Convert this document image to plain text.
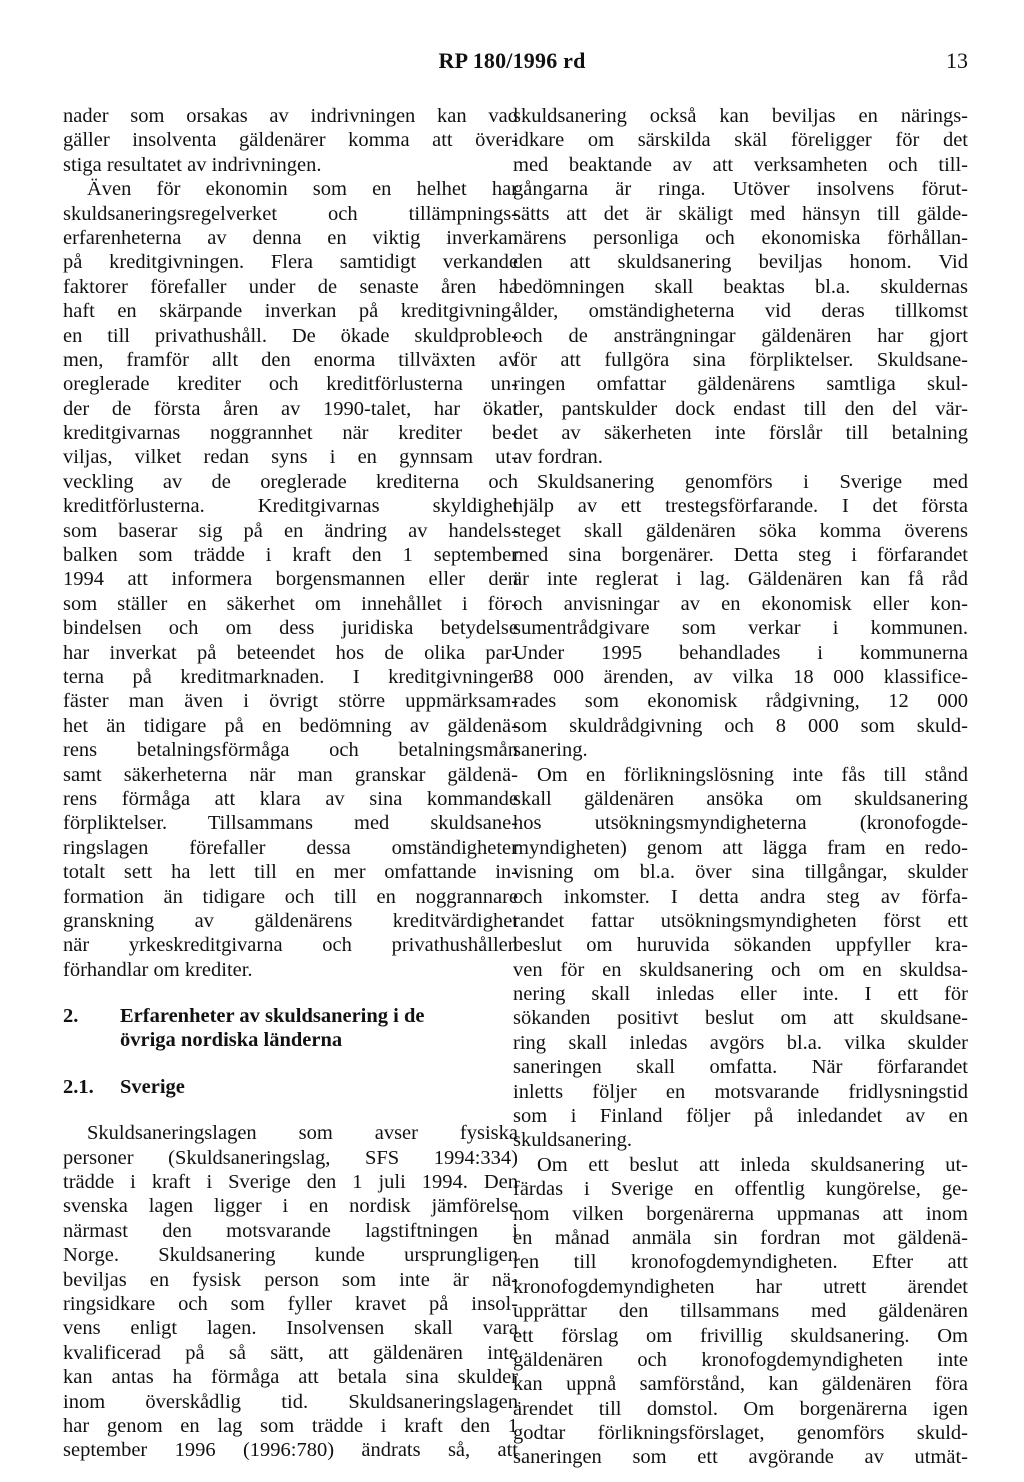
RP 180/1996 rd	13
nader som orsakas av indrivningen kan vad
gäller insolventa gäldenärer komma att över-
stiga resultatet av indrivningen.
Även för ekonomin som en helhet har
skuldsaneringsregelverket och tillämpnings-
erfarenheterna av denna en viktig inverkan
på kreditgivningen. Flera samtidigt verkande
faktorer förefaller under de senaste åren ha
haft en skärpande inverkan på kreditgivning-
en till privathushåll. De ökade skuldproble-
men, framför allt den enorma tillväxten av
oreglerade krediter och kreditförlusterna un-
der de första åren av 1990-talet, har ökat
kreditgivarnas noggrannhet när krediter be-
viljas, vilket redan syns i en gynnsam ut-
veckling av de oreglerade krediterna och
kreditförlusterna. Kreditgivarnas skyldighet
som baserar sig på en ändring av handels-
balken som trädde i kraft den 1 september
1994 att informera borgensmannen eller den
som ställer en säkerhet om innehållet i för-
bindelsen och om dess juridiska betydelse
har inverkat på beteendet hos de olika par-
terna på kreditmarknaden. I kreditgivningen
fäster man även i övrigt större uppmärksam-
het än tidigare på en bedömning av gäldenä-
rens betalningsförmåga och betalningsmån
samt säkerheterna när man granskar gäldenä-
rens förmåga att klara av sina kommande
förpliktelser. Tillsammans med skuldsane-
ringslagen förefaller dessa omständigheter
totalt sett ha lett till en mer omfattande in-
formation än tidigare och till en noggrannare
granskning av gäldenärens kreditvärdighet
när yrkeskreditgivarna och privathushållen
förhandlar om krediter.
2. Erfarenheter av skuldsanering i de
övriga nordiska länderna
2.1. Sverige
Skuldsaneringslagen som avser fysiska
personer (Skuldsaneringslag, SFS 1994:334)
trädde i kraft i Sverige den 1 juli 1994. Den
svenska lagen ligger i en nordisk jämförelse
närmast den motsvarande lagstiftningen i
Norge. Skuldsanering kunde ursprungligen
beviljas en fysisk person som inte är nä-
ringsidkare och som fyller kravet på insol-
vens enligt lagen. Insolvensen skall vara
kvalificerad på så sätt, att gäldenären inte
kan antas ha förmåga att betala sina skulder
inom överskådlig tid. Skuldsaneringslagen
har genom en lag som trädde i kraft den 1
september 1996 (1996:780) ändrats så, att
skuldsanering också kan beviljas en närings-
idkare om särskilda skäl föreligger för det
med beaktande av att verksamheten och till-
gångarna är ringa. Utöver insolvens förut-
sätts att det är skäligt med hänsyn till gälde-
närens personliga och ekonomiska förhållan-
den att skuldsanering beviljas honom. Vid
bedömningen skall beaktas bl.a. skuldernas
ålder, omständigheterna vid deras tillkomst
och de ansträngningar gäldenären har gjort
för att fullgöra sina förpliktelser. Skuldsane-
ringen omfattar gäldenärens samtliga skul-
der, pantskulder dock endast till den del vär-
det av säkerheten inte förslår till betalning
av fordran.
Skuldsanering genomförs i Sverige med
hjälp av ett trestegsförfarande. I det första
steget skall gäldenären söka komma överens
med sina borgenärer. Detta steg i förfarandet
är inte reglerat i lag. Gäldenären kan få råd
och anvisningar av en ekonomisk eller kon-
sumentrådgivare som verkar i kommunen.
Under 1995 behandlades i kommunerna
38 000 ärenden, av vilka 18 000 klassifice-
rades som ekonomisk rådgivning, 12 000
som skuldrådgivning och 8 000 som skuld-
sanering.
Om en förlikningslösning inte fås till stånd
skall gäldenären ansöka om skuldsanering
hos utsökningsmyndigheterna (kronofogde-
myndigheten) genom att lägga fram en redo-
visning om bl.a. över sina tillgångar, skulder
och inkomster. I detta andra steg av förfa-
randet fattar utsökningsmyndigheten först ett
beslut om huruvida sökanden uppfyller kra-
ven för en skuldsanering och om en skuldsa-
nering skall inledas eller inte. I ett för
sökanden positivt beslut om att skuldsane-
ring skall inledas avgörs bl.a. vilka skulder
saneringen skall omfatta. När förfarandet
inletts följer en motsvarande fridlysningstid
som i Finland följer på inledandet av en
skuldsanering.
Om ett beslut att inleda skuldsanering ut-
färdas i Sverige en offentlig kungörelse, ge-
nom vilken borgenärerna uppmanas att inom
en månad anmäla sin fordran mot gäldenä-
ren till kronofogdemyndigheten. Efter att
kronofogdemyndigheten har utrett ärendet
upprättar den tillsammans med gäldenären
ett förslag om frivillig skuldsanering. Om
gäldenären och kronofogdemyndigheten inte
kan uppnå samförstånd, kan gäldenären föra
ärendet till domstol. Om borgenärerna igen
godtar förlikningsförslaget, genomförs skuld-
saneringen som ett avgörande av utmät-
